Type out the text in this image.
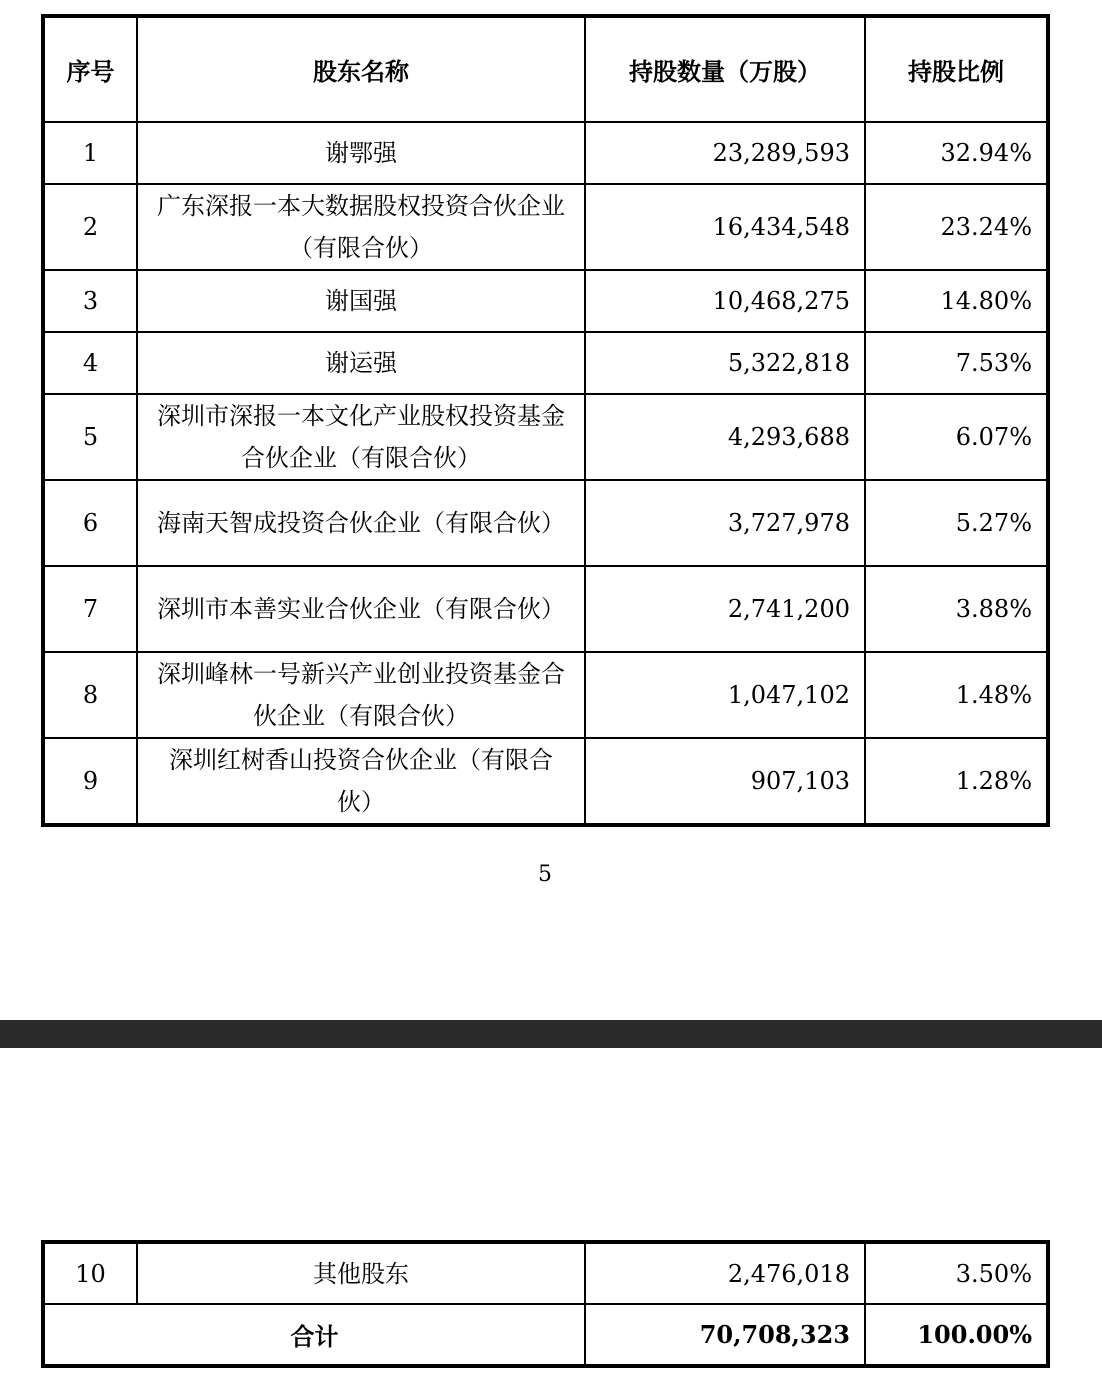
序号	股东名称	持股数量（万股）	持股比例
1	谢鄂强	23,289,593	32.94%
2	广东深报一本大数据股权投资合伙企业（有限合伙）	16,434,548	23.24%
3	谢国强	10,468,275	14.80%
4	谢运强	5,322,818	7.53%
5	深圳市深报一本文化产业股权投资基金合伙企业（有限合伙）	4,293,688	6.07%
6	海南天智成投资合伙企业（有限合伙）	3,727,978	5.27%
7	深圳市本善实业合伙企业（有限合伙）	2,741,200	3.88%
8	深圳峰林一号新兴产业创业投资基金合伙企业（有限合伙）	1,047,102	1.48%
9	深圳红树香山投资合伙企业（有限合伙）	907,103	1.28%
5
10	其他股东	2,476,018	3.50%
合计		70,708,323	100.00%
